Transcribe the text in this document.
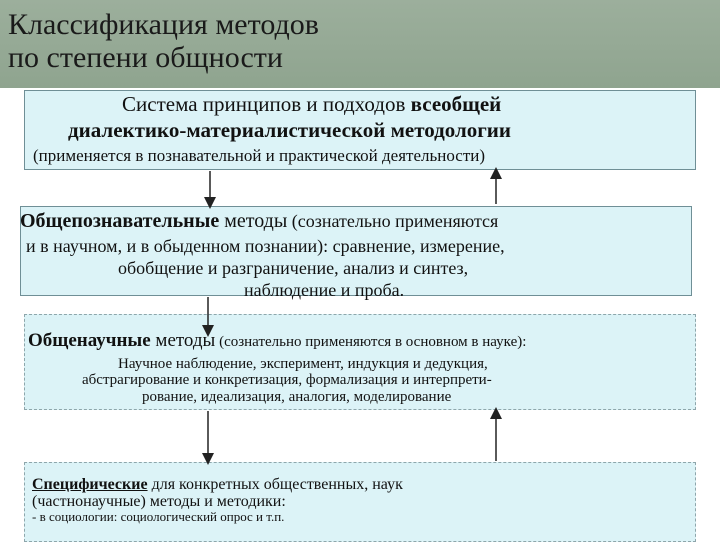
Классификация методов
по степени общности
Система принципов и подходов всеобщей
диалектико-материалистической методологии
(применяется в познавательной и практической деятельности)
Общепознавательные методы (сознательно применяются
и в научном, и в обыденном познании): сравнение, измерение,
обобщение и разграничение, анализ и синтез,
наблюдение и проба.
Общенаучные методы (сознательно применяются в основном в науке):
Научное наблюдение, эксперимент, индукция и дедукция,
абстрагирование и конкретизация, формализация и интерпрети-
рование, идеализация, аналогия, моделирование
Специфические для конкретных общественных, наук
(частнонаучные) методы и методики:
- в социологии: социологический опрос и т.п.
